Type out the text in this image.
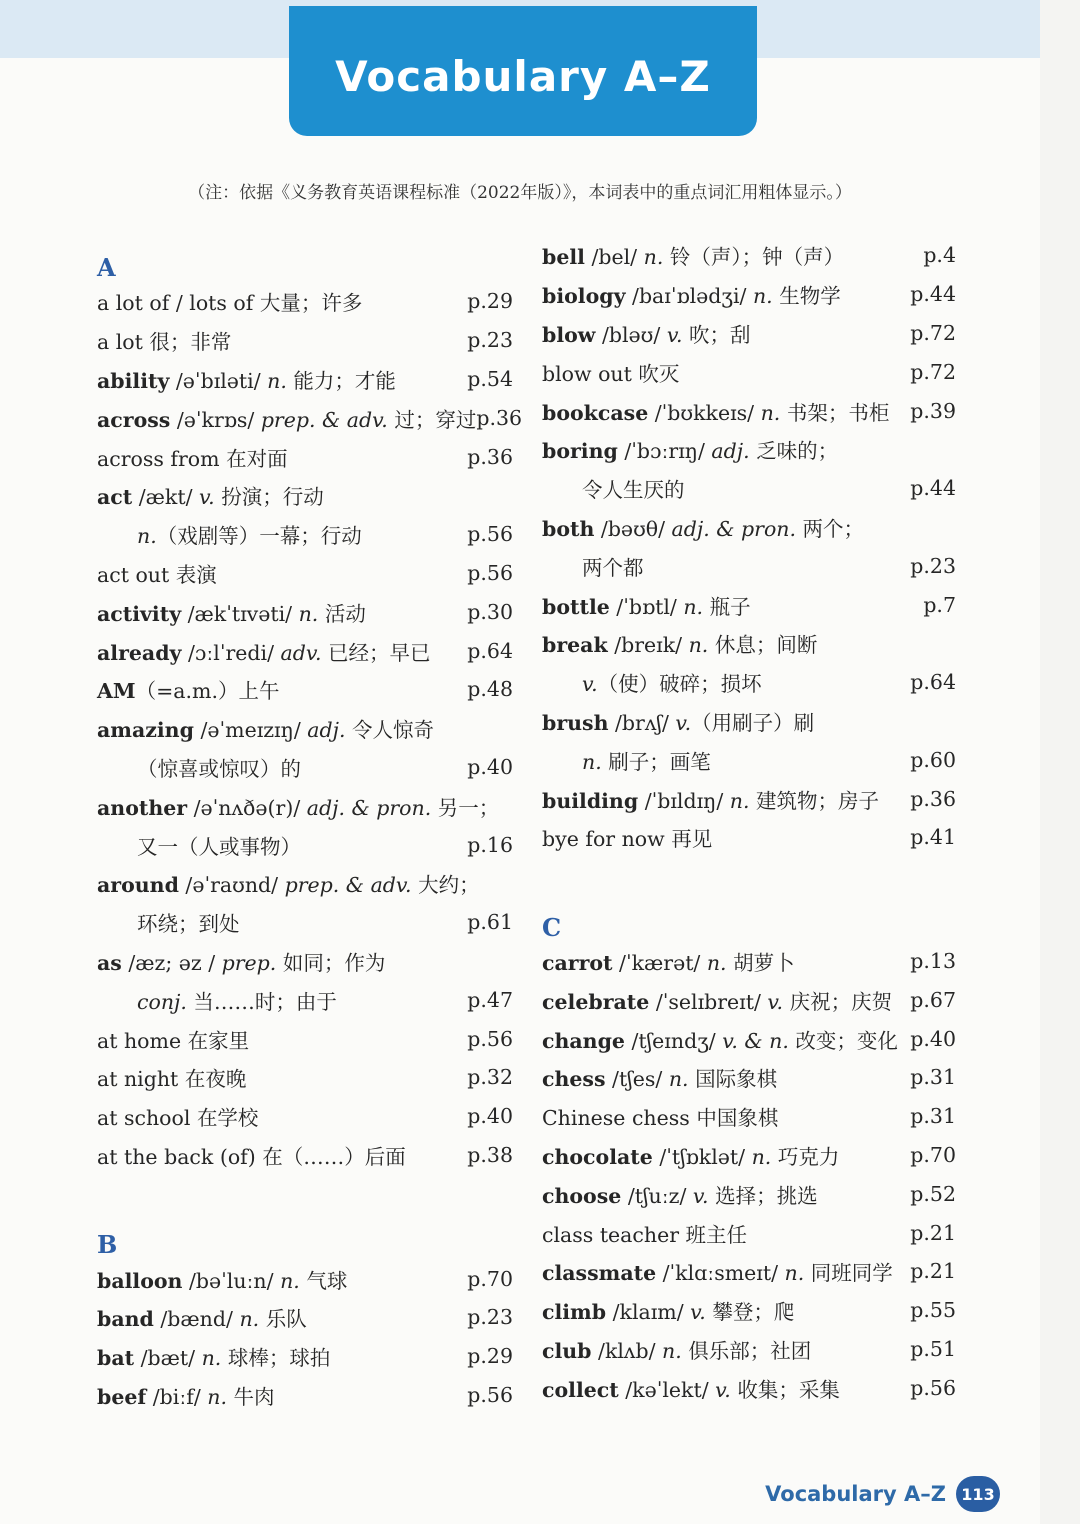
Vocabulary A–Z
（注：依据《义务教育英语课程标准（2022年版）》，本词表中的重点词汇用粗体显示。）
A
a lot of / lots of 大量；许多	p.29
a lot 很；非常	p.23
ability /əˈbɪləti/ n. 能力；才能	p.54
across /əˈkrɒs/ prep. & adv. 过；穿过 p.36
across from 在对面	p.36
act /ækt/ v. 扮演；行动
n.（戏剧等）一幕；行动	p.56
act out 表演	p.56
activity /ækˈtɪvəti/ n. 活动	p.30
already /ɔːlˈredi/ adv. 已经；早已 p.64
AM（=a.m.）上午	p.48
amazing /əˈmeɪzɪŋ/ adj. 令人惊奇
（惊喜或惊叹）的	p.40
another /əˈnʌðə(r)/ adj. & pron. 另一；
又一（人或事物）	p.16
around /əˈraʊnd/ prep. & adv. 大约；
环绕；到处	p.61
as /æz; əz / prep. 如同；作为
conj. 当……时；由于	p.47
at home 在家里	p.56
at night 在夜晚	p.32
at school 在学校	p.40
at the back (of) 在（……）后面	p.38
B
balloon /bəˈluːn/ n. 气球	p.70
band /bænd/ n. 乐队	p.23
bat /bæt/ n. 球棒；球拍	p.29
beef /biːf/ n. 牛肉	p.56
bell /bel/ n. 铃（声）；钟（声）	p.4
biology /baɪˈɒlədʒi/ n. 生物学	p.44
blow /bləʊ/ v. 吹；刮	p.72
blow out 吹灭	p.72
bookcase /ˈbʊkkeɪs/ n. 书架；书柜 p.39
boring /ˈbɔːrɪŋ/ adj. 乏味的；
令人生厌的	p.44
both /bəʊθ/ adj. & pron. 两个；
两个都	p.23
bottle /ˈbɒtl/ n. 瓶子	p.7
break /breɪk/ n. 休息；间断
v.（使）破碎；损坏	p.64
brush /brʌʃ/ v.（用刷子）刷
n. 刷子；画笔	p.60
building /ˈbɪldɪŋ/ n. 建筑物；房子 p.36
bye for now 再见	p.41
C
carrot /ˈkærət/ n. 胡萝卜	p.13
celebrate /ˈselɪbreɪt/ v. 庆祝；庆贺 p.67
change /tʃeɪndʒ/ v. & n. 改变；变化 p.40
chess /tʃes/ n. 国际象棋	p.31
Chinese chess 中国象棋	p.31
chocolate /ˈtʃɒklət/ n. 巧克力	p.70
choose /tʃuːz/ v. 选择；挑选	p.52
class teacher 班主任	p.21
classmate /ˈklɑːsmeɪt/ n. 同班同学 p.21
climb /klaɪm/ v. 攀登；爬	p.55
club /klʌb/ n. 俱乐部；社团	p.51
collect /kəˈlekt/ v. 收集；采集	p.56
Vocabulary A–Z 113
